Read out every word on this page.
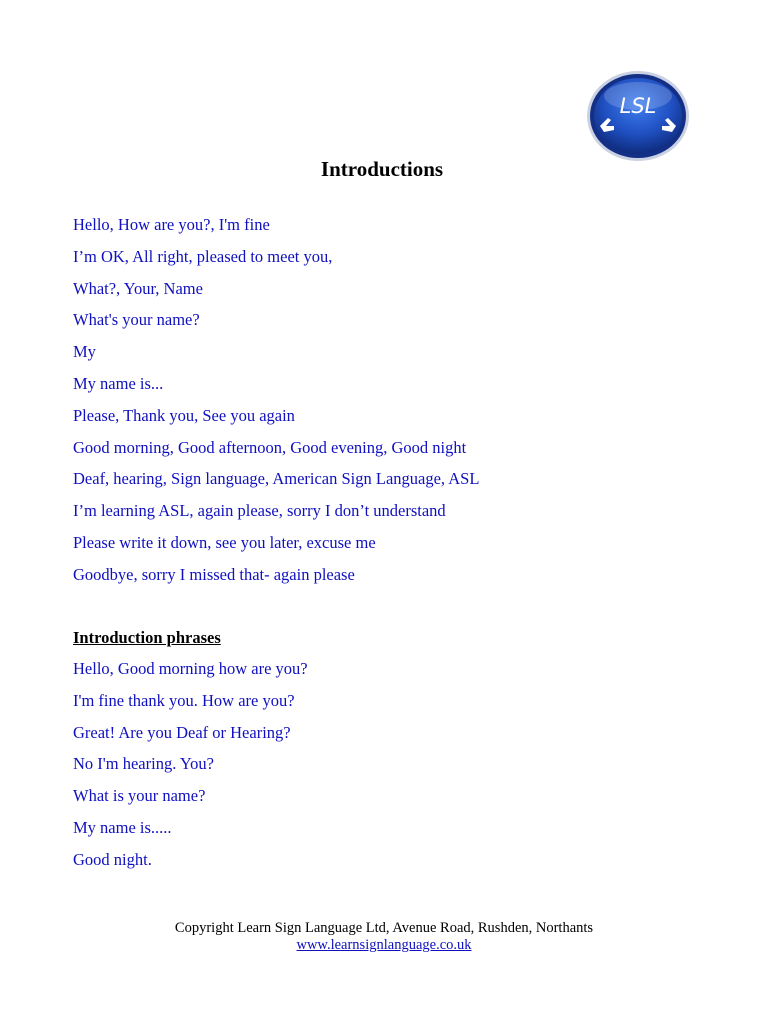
LSL
Introductions
Hello, How are you?, I'm fine
I’m OK, All right, pleased to meet you,
What?, Your, Name
What's your name?
My
My name is...
Please, Thank you, See you again
Good morning, Good afternoon, Good evening, Good night
Deaf, hearing, Sign language, American Sign Language, ASL
I’m learning ASL, again please, sorry I don’t understand
Please write it down, see you later, excuse me
Goodbye, sorry I missed that- again please
Introduction phrases
Hello, Good morning how are you?
I'm fine thank you. How are you?
Great! Are you Deaf or Hearing?
No I'm hearing. You?
What is your name?
My name is.....
Good night.
Copyright Learn Sign Language Ltd, Avenue Road, Rushden, Northants
www.learnsignlanguage.co.uk
